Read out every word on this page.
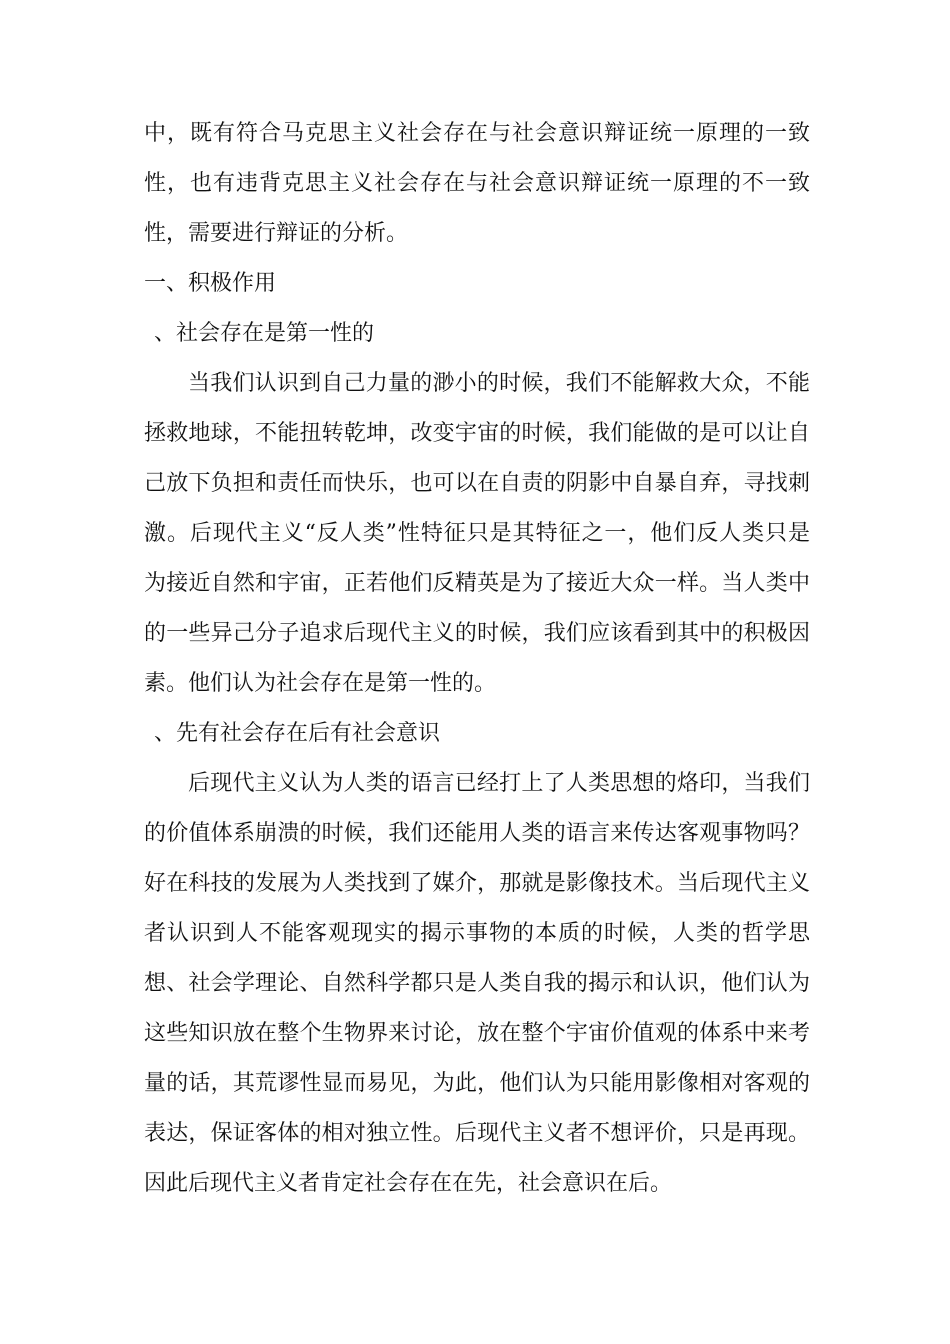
中，既有符合马克思主义社会存在与社会意识辩证统一原理的一致
性，也有违背克思主义社会存在与社会意识辩证统一原理的不一致
性，需要进行辩证的分析。
一、积极作用
、社会存在是第一性的
当我们认识到自己力量的渺小的时候，我们不能解救大众，不能
拯救地球，不能扭转乾坤，改变宇宙的时候，我们能做的是可以让自
己放下负担和责任而快乐，也可以在自责的阴影中自暴自弃，寻找刺
激。后现代主义“反人类”性特征只是其特征之一，他们反人类只是
为接近自然和宇宙，正若他们反精英是为了接近大众一样。当人类中
的一些异己分子追求后现代主义的时候，我们应该看到其中的积极因
素。他们认为社会存在是第一性的。
、先有社会存在后有社会意识
后现代主义认为人类的语言已经打上了人类思想的烙印，当我们
的价值体系崩溃的时候，我们还能用人类的语言来传达客观事物吗？
好在科技的发展为人类找到了媒介，那就是影像技术。当后现代主义
者认识到人不能客观现实的揭示事物的本质的时候，人类的哲学思
想、社会学理论、自然科学都只是人类自我的揭示和认识，他们认为
这些知识放在整个生物界来讨论，放在整个宇宙价值观的体系中来考
量的话，其荒谬性显而易见，为此，他们认为只能用影像相对客观的
表达，保证客体的相对独立性。后现代主义者不想评价，只是再现。
因此后现代主义者肯定社会存在在先，社会意识在后。
